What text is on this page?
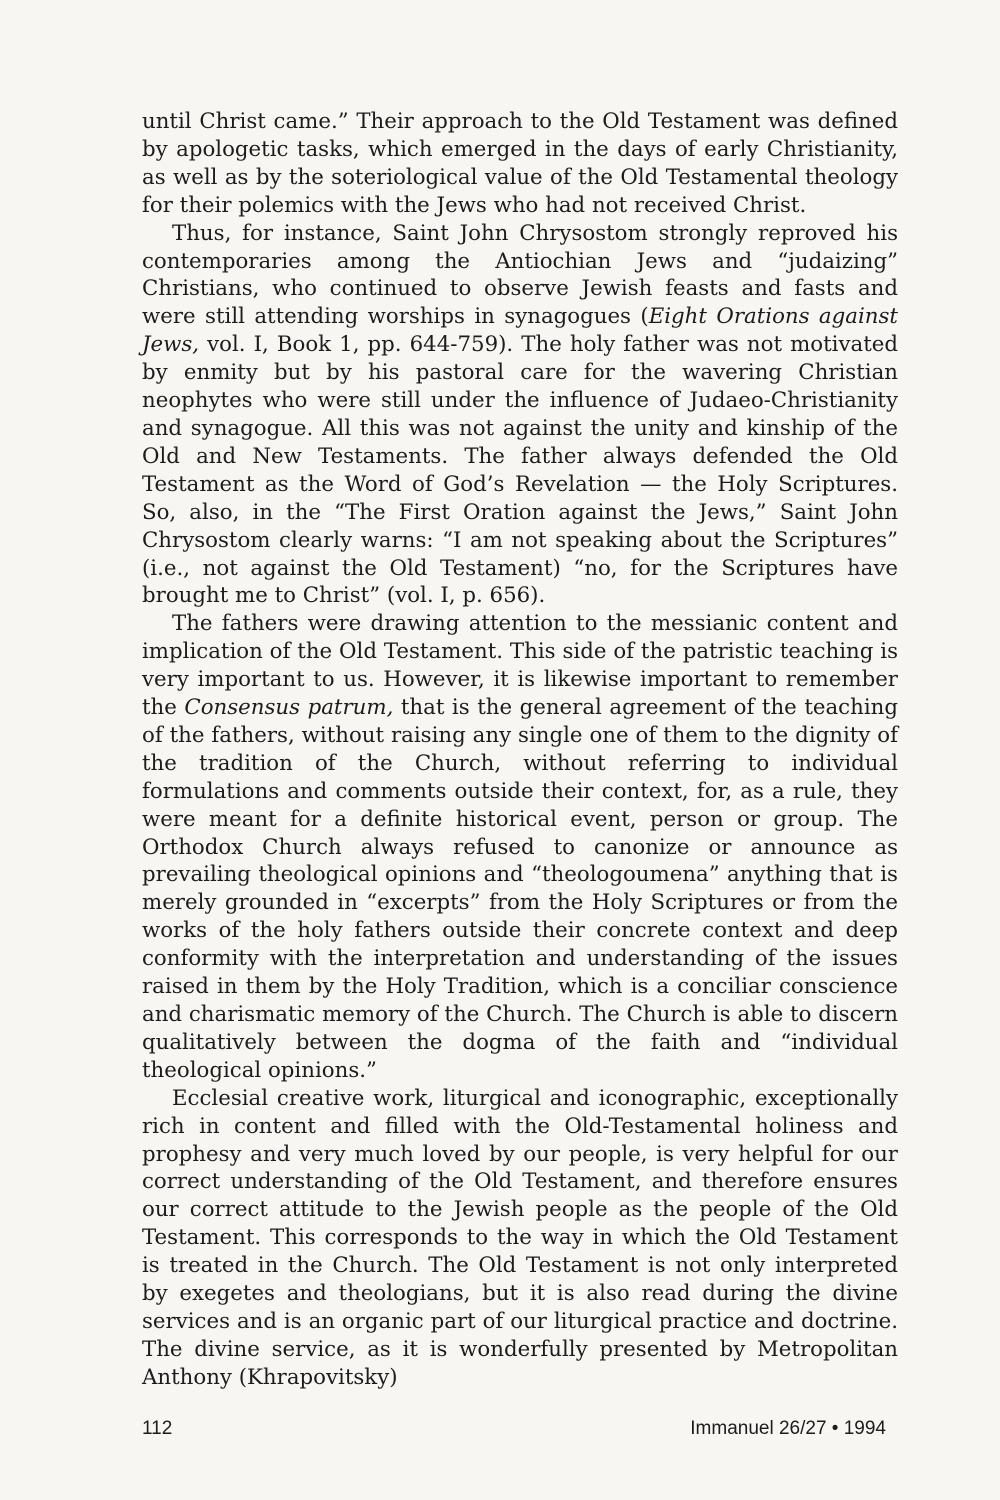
until Christ came.” Their approach to the Old Testament was defined by apologetic tasks, which emerged in the days of early Christianity, as well as by the soteriological value of the Old Testamental theology for their polemics with the Jews who had not received Christ.

Thus, for instance, Saint John Chrysostom strongly reproved his contemporaries among the Antiochian Jews and “judaizing” Christians, who continued to observe Jewish feasts and fasts and were still attending worships in synagogues (Eight Orations against Jews, vol. I, Book 1, pp. 644-759). The holy father was not motivated by enmity but by his pastoral care for the wavering Christian neophytes who were still under the influence of Judaeo-Christianity and synagogue. All this was not against the unity and kinship of the Old and New Testaments. The father always defended the Old Testament as the Word of God’s Revelation — the Holy Scriptures. So, also, in the “The First Oration against the Jews,” Saint John Chrysostom clearly warns: “I am not speaking about the Scriptures” (i.e., not against the Old Testament) “no, for the Scriptures have brought me to Christ” (vol. I, p. 656).

The fathers were drawing attention to the messianic content and implication of the Old Testament. This side of the patristic teaching is very important to us. However, it is likewise important to remember the Consensus patrum, that is the general agreement of the teaching of the fathers, without raising any single one of them to the dignity of the tradition of the Church, without referring to individual formulations and comments outside their context, for, as a rule, they were meant for a definite historical event, person or group. The Orthodox Church always refused to canonize or announce as prevailing theological opinions and “theologoumena” anything that is merely grounded in “excerpts” from the Holy Scriptures or from the works of the holy fathers outside their concrete context and deep conformity with the interpretation and understanding of the issues raised in them by the Holy Tradition, which is a conciliar conscience and charismatic memory of the Church. The Church is able to discern qualitatively between the dogma of the faith and “individual theological opinions.”

Ecclesial creative work, liturgical and iconographic, exceptionally rich in content and filled with the Old-Testamental holiness and prophesy and very much loved by our people, is very helpful for our correct understanding of the Old Testament, and therefore ensures our correct attitude to the Jewish people as the people of the Old Testament. This corresponds to the way in which the Old Testament is treated in the Church. The Old Testament is not only interpreted by exegetes and theologians, but it is also read during the divine services and is an organic part of our liturgical practice and doctrine. The divine service, as it is wonderfully presented by Metropolitan Anthony (Khrapovitsky)

112	Immanuel 26/27 • 1994
